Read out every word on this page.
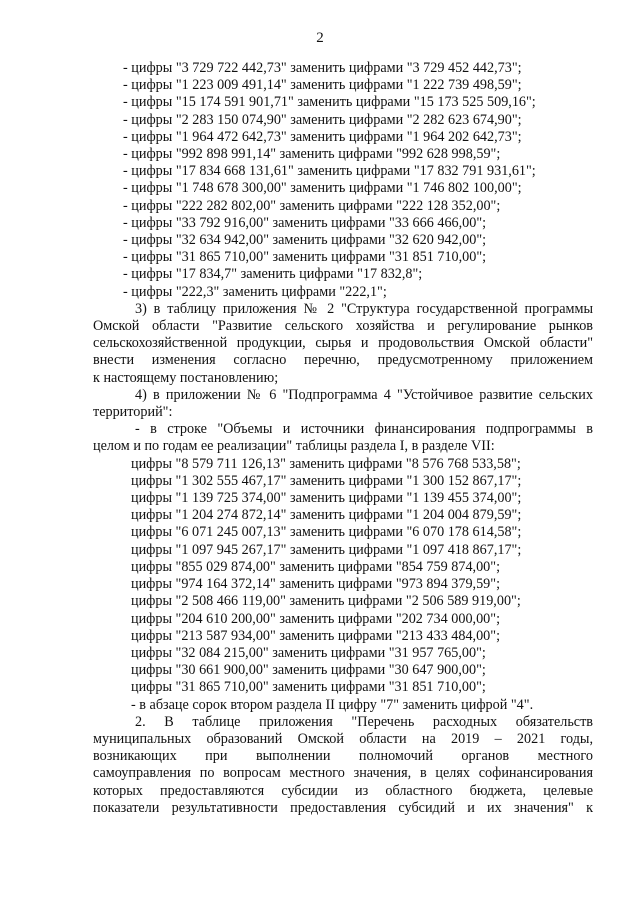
2

- цифры "3 729 722 442,73" заменить цифрами "3 729 452 442,73";

- цифры "1 223 009 491,14" заменить цифрами "1 222 739 498,59";

- цифры "15 174 591 901,71" заменить цифрами "15 173 525 509,16";

- цифры "2 283 150 074,90" заменить цифрами "2 282 623 674,90";

- цифры "1 964 472 642,73" заменить цифрами "1 964 202 642,73";

- цифры "992 898 991,14" заменить цифрами "992 628 998,59";

- цифры "17 834 668 131,61" заменить цифрами "17 832 791 931,61";

- цифры "1 748 678 300,00" заменить цифрами "1 746 802 100,00";

- цифры "222 282 802,00" заменить цифрами "222 128 352,00";

- цифры "33 792 916,00" заменить цифрами "33 666 466,00";

- цифры "32 634 942,00" заменить цифрами "32 620 942,00";

- цифры "31 865 710,00" заменить цифрами "31 851 710,00";

- цифры "17 834,7" заменить цифрами "17 832,8";

- цифры "222,3" заменить цифрами "222,1";

3) в таблицу приложения № 2 "Структура государственной программы

Омской области "Развитие сельского хозяйства и регулирование рынков

сельскохозяйственной продукции, сырья и продовольствия Омской области"

внести изменения согласно перечню, предусмотренному приложением

к настоящему постановлению;

4) в приложении № 6 "Подпрограмма 4 "Устойчивое развитие сельских

территорий":

- в строке "Объемы и источники финансирования подпрограммы в

целом и по годам ее реализации" таблицы раздела I, в разделе VII:

цифры "8 579 711 126,13" заменить цифрами "8 576 768 533,58";

цифры "1 302 555 467,17" заменить цифрами "1 300 152 867,17";

цифры "1 139 725 374,00" заменить цифрами "1 139 455 374,00";

цифры "1 204 274 872,14" заменить цифрами "1 204 004 879,59";

цифры "6 071 245 007,13" заменить цифрами "6 070 178 614,58";

цифры "1 097 945 267,17" заменить цифрами "1 097 418 867,17";

цифры "855 029 874,00" заменить цифрами "854 759 874,00";

цифры "974 164 372,14" заменить цифрами "973 894 379,59";

цифры "2 508 466 119,00" заменить цифрами "2 506 589 919,00";

цифры "204 610 200,00" заменить цифрами "202 734 000,00";

цифры "213 587 934,00" заменить цифрами "213 433 484,00";

цифры "32 084 215,00" заменить цифрами "31 957 765,00";

цифры "30 661 900,00" заменить цифрами "30 647 900,00";

цифры "31 865 710,00" заменить цифрами "31 851 710,00";

- в абзаце сорок втором раздела II цифру "7" заменить цифрой "4".

2. В таблице приложения "Перечень расходных обязательств

муниципальных образований Омской области на 2019 – 2021 годы,

возникающих при выполнении полномочий органов местного

самоуправления по вопросам местного значения, в целях софинансирования

которых предоставляются субсидии из областного бюджета, целевые

показатели результативности предоставления субсидий и их значения" к
